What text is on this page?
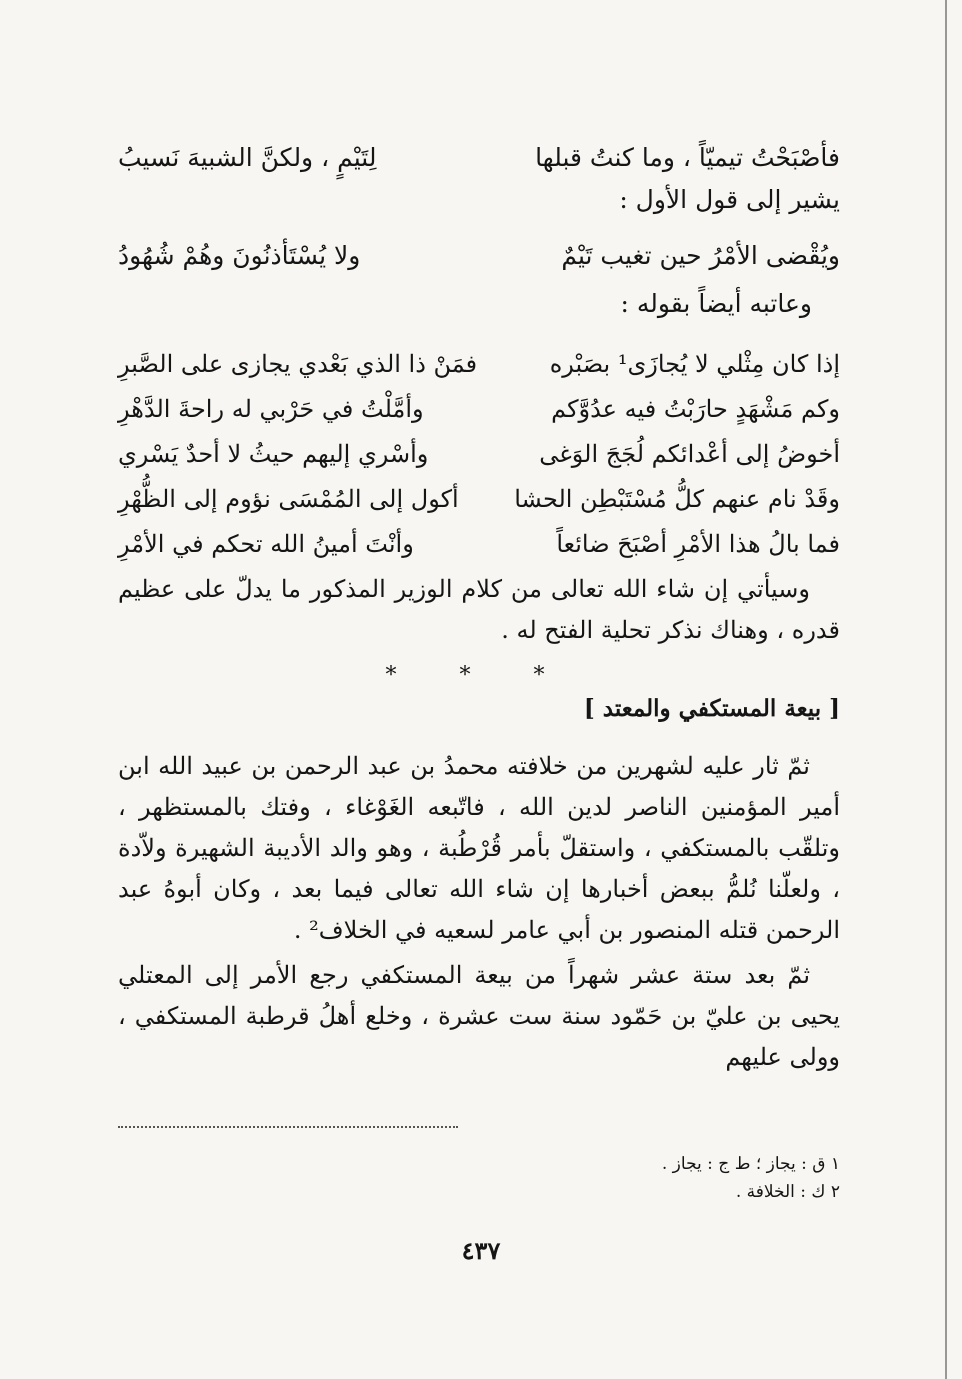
فأصْبَحْتُ تيميّاً ، وما كنتُ قبلها
لِتَيْمٍ ، ولكنَّ الشبيهَ نَسيبُ
يشير إلى قول الأول :
ويُقْضى الأمْرُ حين تغيب تَيْمٌ
ولا يُسْتَأذنُونَ وهُمْ شُهُودُ
وعاتبه أيضاً بقوله :
إذا كان مِثْلي لا يُجازَى¹ بصَبْره
فمَنْ ذا الذي بَعْدي يجازى على الصَّبرِ
وكم مَشْهَدٍ حارَبْتُ فيه عدُوَّكم
وأمَّلْتُ في حَرْبي له راحةَ الدَّهْرِ
أخوضُ إلى أعْدائكم لُجَجَ الوَغى
وأسْري إليهم حيثُ لا أحدٌ يَسْري
وقَدْ نام عنهم كلُّ مُسْتَبْطِن الحشا
أكول إلى المُمْسَى نؤوم إلى الظُّهْرِ
فما بالُ هذا الأمْرِ أصْبَحَ ضائعاً
وأنْتَ أمينُ الله تحكم في الأمْرِ
وسيأتي إن شاء الله تعالى من كلام الوزير المذكور ما يدلّ على عظيم قدره ، وهناك نذكر تحلية الفتح له .
* * *
[ بيعة المستكفي والمعتد ]
ثمّ ثار عليه لشهرين من خلافته محمدُ بن عبد الرحمن بن عبيد الله ابن أمير المؤمنين الناصر لدين الله ، فاتّبعه الغَوْغاء ، وفتك بالمستظهر ، وتلقّب بالمستكفي ، واستقلّ بأمر قُرْطُبة ، وهو والد الأديبة الشهيرة ولاّدة ، ولعلّنا نُلمُّ ببعض أخبارها إن شاء الله تعالى فيما بعد ، وكان أبوهُ عبد الرحمن قتله المنصور بن أبي عامر لسعيه في الخلاف² .
ثمّ بعد ستة عشر شهراً من بيعة المستكفي رجع الأمر إلى المعتلي يحيى بن عليّ بن حَمّود سنة ست عشرة ، وخلع أهلُ قرطبة المستكفي ، وولى عليهم
١ ق : يجاز ؛ ط ج : يجاز .
٢ ك : الخلافة .
٤٣٧
